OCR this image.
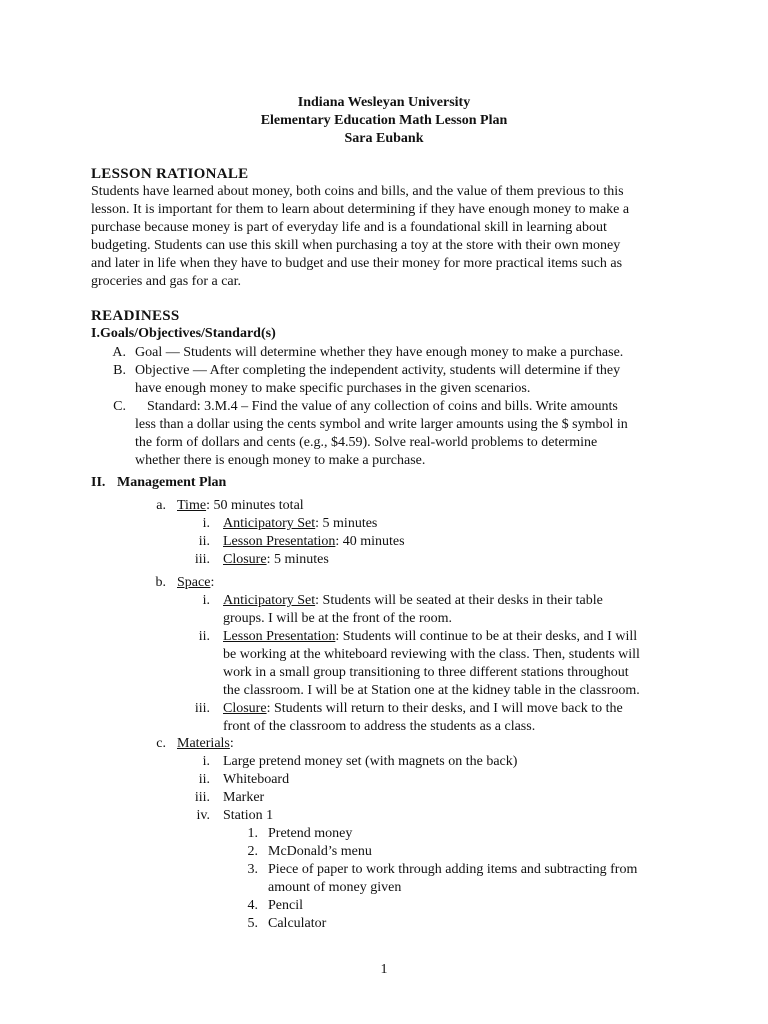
Indiana Wesleyan University
Elementary Education Math Lesson Plan
Sara Eubank
LESSON RATIONALE
Students have learned about money, both coins and bills, and the value of them previous to this
lesson. It is important for them to learn about determining if they have enough money to make a
purchase because money is part of everyday life and is a foundational skill in learning about
budgeting. Students can use this skill when purchasing a toy at the store with their own money
and later in life when they have to budget and use their money for more practical items such as
groceries and gas for a car.
READINESS
I.Goals/Objectives/Standard(s)
A. Goal — Students will determine whether they have enough money to make a purchase.
B. Objective — After completing the independent activity, students will determine if they
have enough money to make specific purchases in the given scenarios.
C. Standard: 3.M.4 – Find the value of any collection of coins and bills. Write amounts
less than a dollar using the cents symbol and write larger amounts using the $ symbol in
the form of dollars and cents (e.g., $4.59). Solve real-world problems to determine
whether there is enough money to make a purchase.
II. Management Plan
a. Time: 50 minutes total
i. Anticipatory Set: 5 minutes
ii. Lesson Presentation: 40 minutes
iii. Closure: 5 minutes
b. Space:
i. Anticipatory Set: Students will be seated at their desks in their table
groups. I will be at the front of the room.
ii. Lesson Presentation: Students will continue to be at their desks, and I will
be working at the whiteboard reviewing with the class. Then, students will
work in a small group transitioning to three different stations throughout
the classroom. I will be at Station one at the kidney table in the classroom.
iii. Closure: Students will return to their desks, and I will move back to the
front of the classroom to address the students as a class.
c. Materials:
i. Large pretend money set (with magnets on the back)
ii. Whiteboard
iii. Marker
iv. Station 1
1. Pretend money
2. McDonald’s menu
3. Piece of paper to work through adding items and subtracting from
amount of money given
4. Pencil
5. Calculator
1
